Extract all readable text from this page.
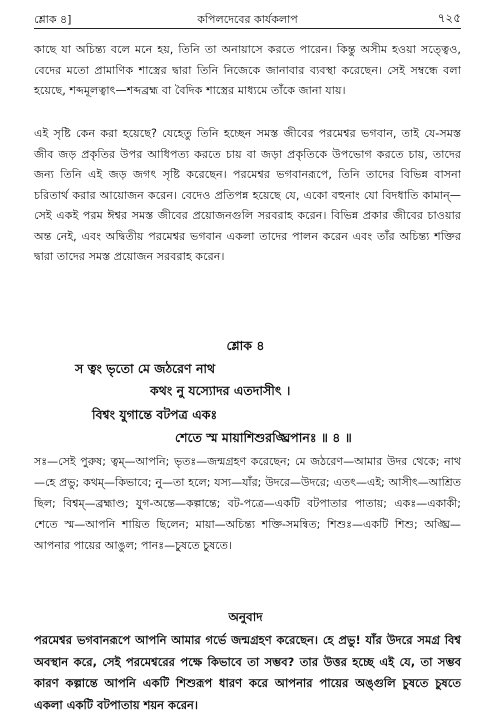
শ্লোক ৪]	কপিলদেবের কার্যকলাপ	৭২৫

কাছে যা অচিন্ত্য বলে মনে হয়, তিনি তা অনায়াসে করতে পারেন। কিন্তু অসীম হওয়া সত্ত্বেও, বেদের মতো প্রামাণিক শাস্ত্রের দ্বারা তিনি নিজেকে জানাবার ব্যবস্থা করেছেন। সেই সম্বন্ধে বলা হয়েছে, শব্দমূলত্বাৎ—শব্দব্রহ্ম বা বৈদিক শাস্ত্রের মাধ্যমে তাঁকে জানা যায়।

এই সৃষ্টি কেন করা হয়েছে? যেহেতু তিনি হচ্ছেন সমস্ত জীবের পরমেশ্বর ভগবান, তাই যে-সমস্ত জীব জড় প্রকৃতির উপর আধিপত্য করতে চায় বা জড়া প্রকৃতিকে উপভোগ করতে চায়, তাদের জন্য তিনি এই জড় জগৎ সৃষ্টি করেছেন। পরমেশ্বর ভগবানরূপে, তিনি তাদের বিভিন্ন বাসনা চরিতার্থ করার আয়োজন করেন। বেদেও প্রতিপন্ন হয়েছে যে, একো বহুনাং যো বিদধাতি কামান্—সেই একই পরম ঈশ্বর সমস্ত জীবের প্রয়োজনগুলি সরবরাহ করেন। বিভিন্ন প্রকার জীবের চাওয়ার অন্ত নেই, এবং অদ্বিতীয় পরমেশ্বর ভগবান একলা তাদের পালন করেন এবং তাঁর অচিন্ত্য শক্তির দ্বারা তাদের সমস্ত প্রয়োজন সরবরাহ করেন।

শ্লোক ৪
স ত্বং ভৃতো মে জঠরেণ নাথ
কথং নু যস্যোদর এতদাসীৎ ।
বিশ্বং যুগান্তে বটপত্র একঃ
শেতে স্ম মায়াশিশুরঙ্ঘ্রিপানঃ ॥ ৪ ॥

সঃ—সেই পুরুষ; ত্বম্—আপনি; ভৃতঃ—জন্মগ্রহণ করেছেন; মে জঠরেণ—আমার উদর থেকে; নাথ—হে প্রভু; কথম্—কিভাবে; নু—তা হলে; যস্য—যাঁর; উদরে—উদরে; এতৎ—এই; আসীৎ—আশ্রিত ছিল; বিশ্বম্—ব্রহ্মাণ্ড; যুগ-অন্তে—কল্পান্তে; বট-পত্রে—একটি বটপাতার পাতায়; একঃ—একাকী; শেতে স্ম—আপনি শায়িত ছিলেন; মায়া—অচিন্ত্য শক্তি-সমন্বিত; শিশুঃ—একটি শিশু; অঙ্ঘ্রি—আপনার পায়ের আঙুল; পানঃ—চুষতে চুষতে।

অনুবাদ

পরমেশ্বর ভগবানরূপে আপনি আমার গর্ভে জন্মগ্রহণ করেছেন। হে প্রভু! যাঁর উদরে সমগ্র বিশ্ব অবস্থান করে, সেই পরমেশ্বরের পক্ষে কিভাবে তা সম্ভব? তার উত্তর হচ্ছে এই যে, তা সম্ভব কারণ কল্পান্তে আপনি একটি শিশুরূপ ধারণ করে আপনার পায়ের অঙ্গুলি চুষতে চুষতে একলা একটি বটপাতায় শয়ন করেন।
